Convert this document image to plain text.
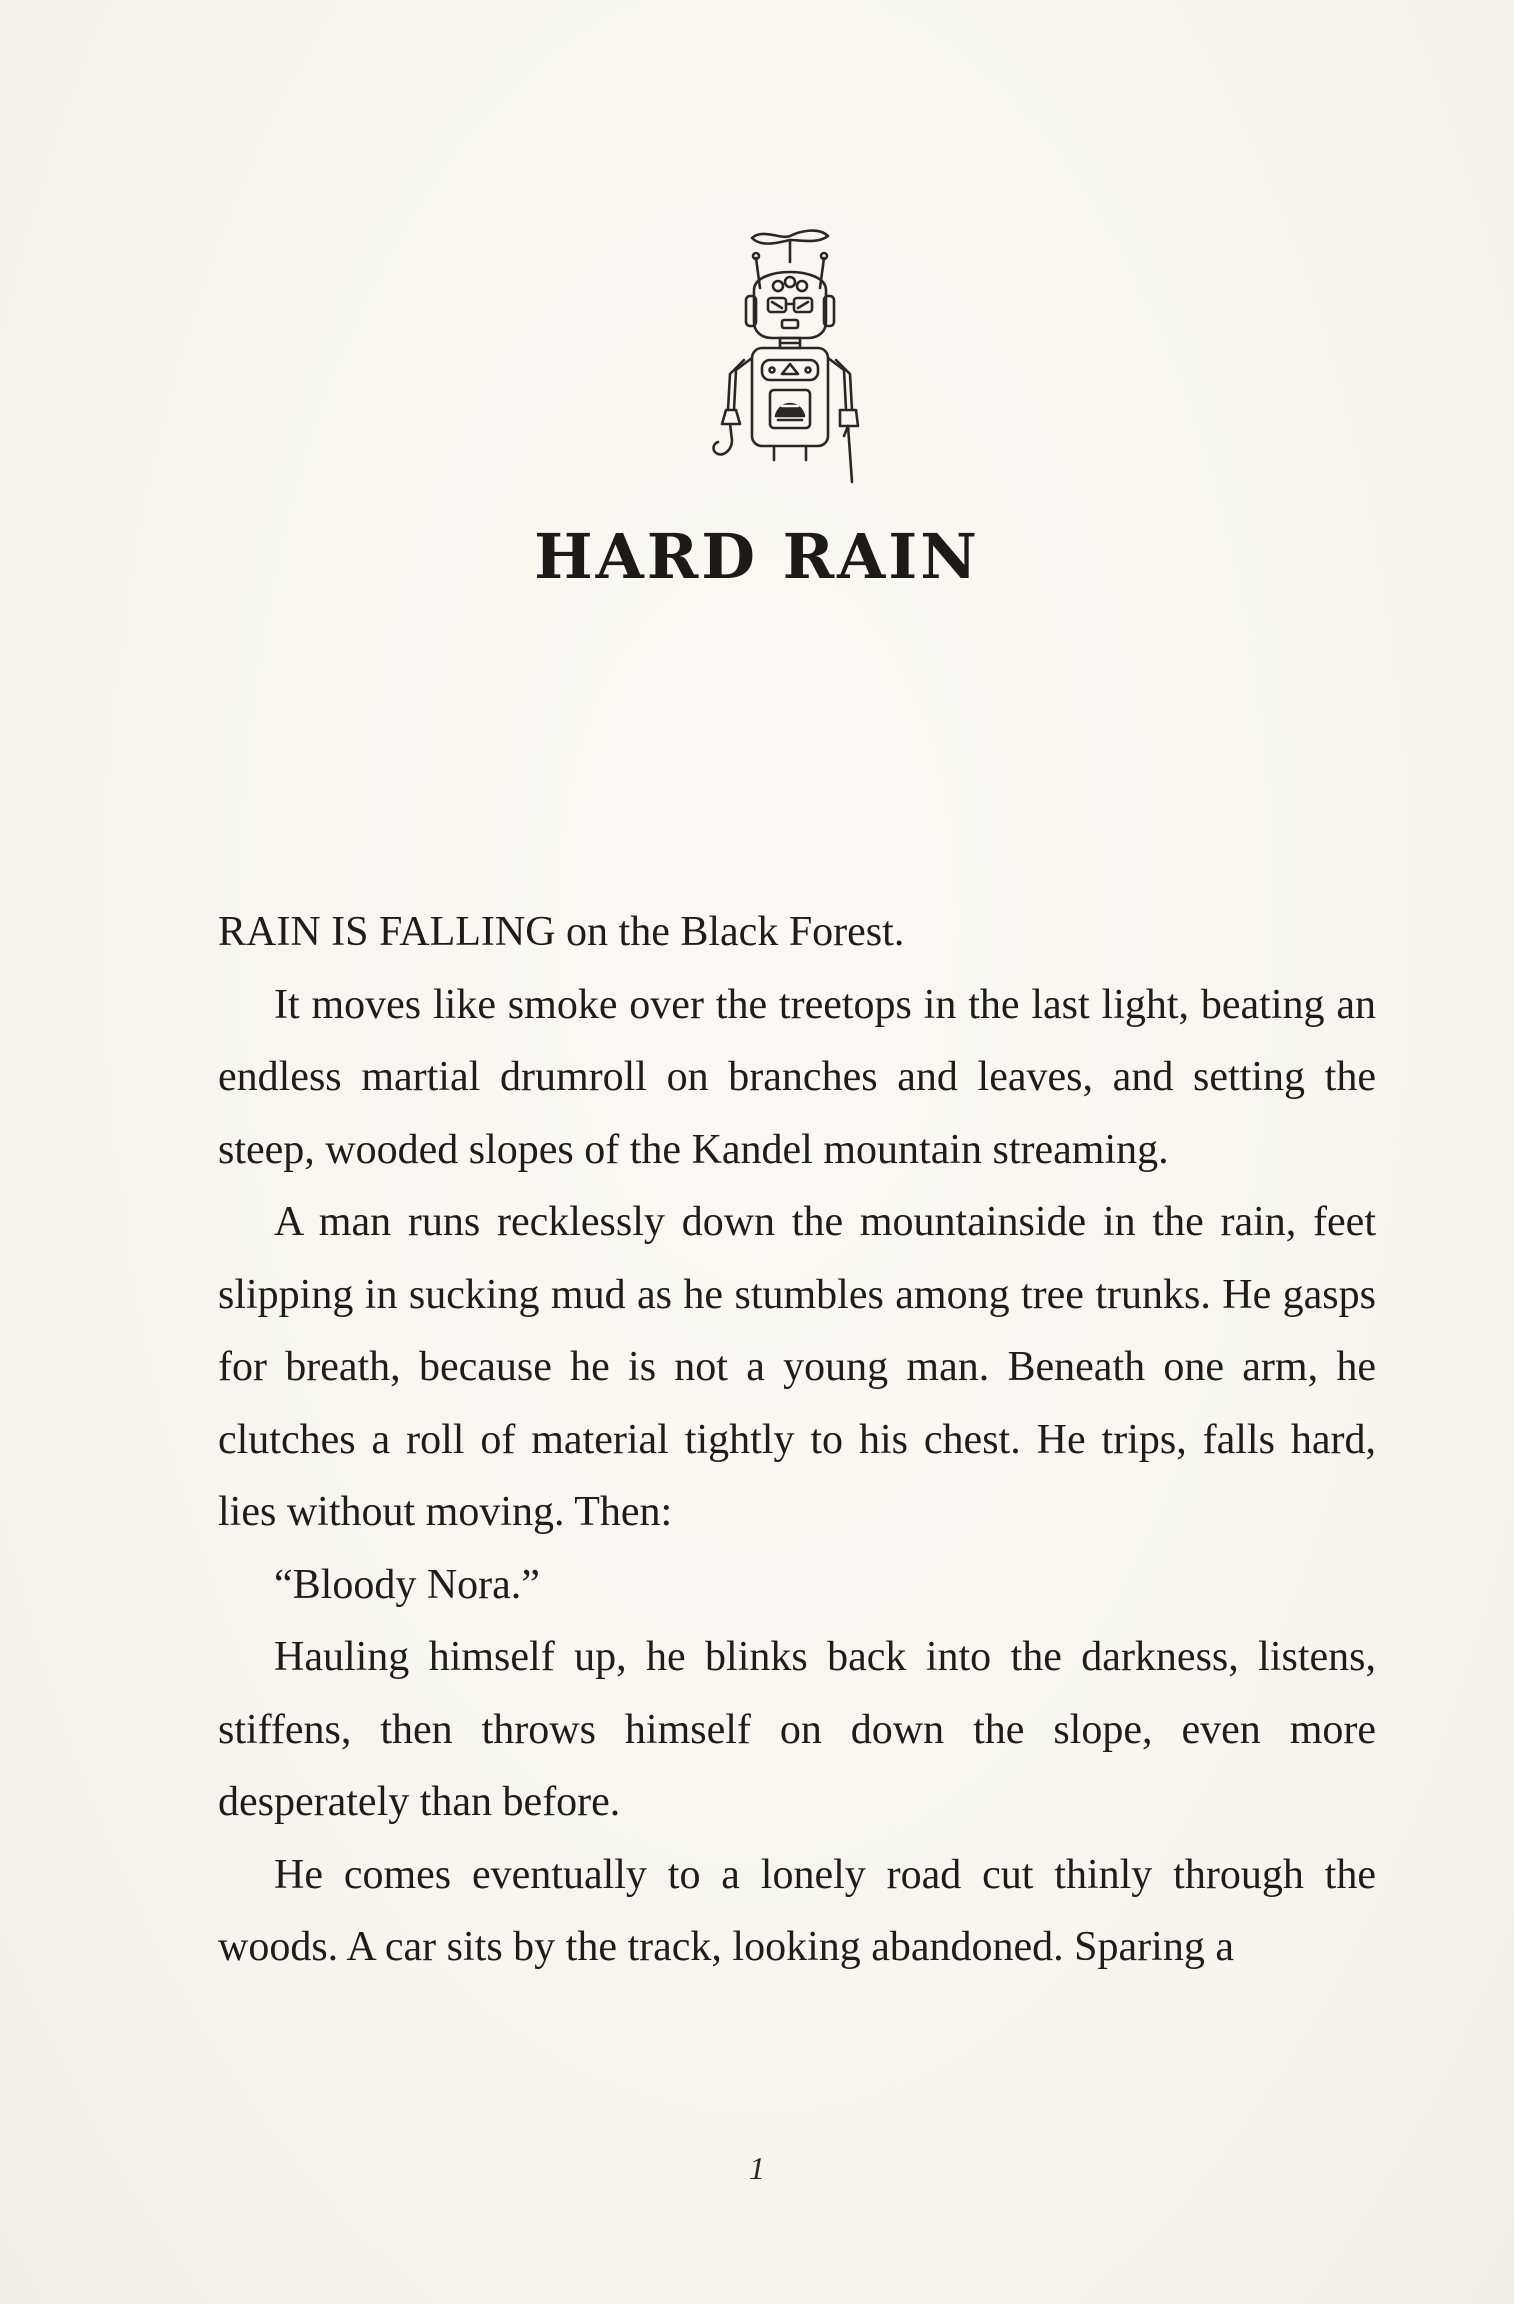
HARD RAIN

RAIN IS FALLING on the Black Forest.

It moves like smoke over the treetops in the last light, beating an endless martial drumroll on branches and leaves, and setting the steep, wooded slopes of the Kandel mountain streaming.

A man runs recklessly down the mountainside in the rain, feet slipping in sucking mud as he stumbles among tree trunks. He gasps for breath, because he is not a young man. Beneath one arm, he clutches a roll of material tightly to his chest. He trips, falls hard, lies without moving. Then:

“Bloody Nora.”

Hauling himself up, he blinks back into the darkness, listens, stiffens, then throws himself on down the slope, even more desperately than before.

He comes eventually to a lonely road cut thinly through the woods. A car sits by the track, looking abandoned. Sparing a

1
